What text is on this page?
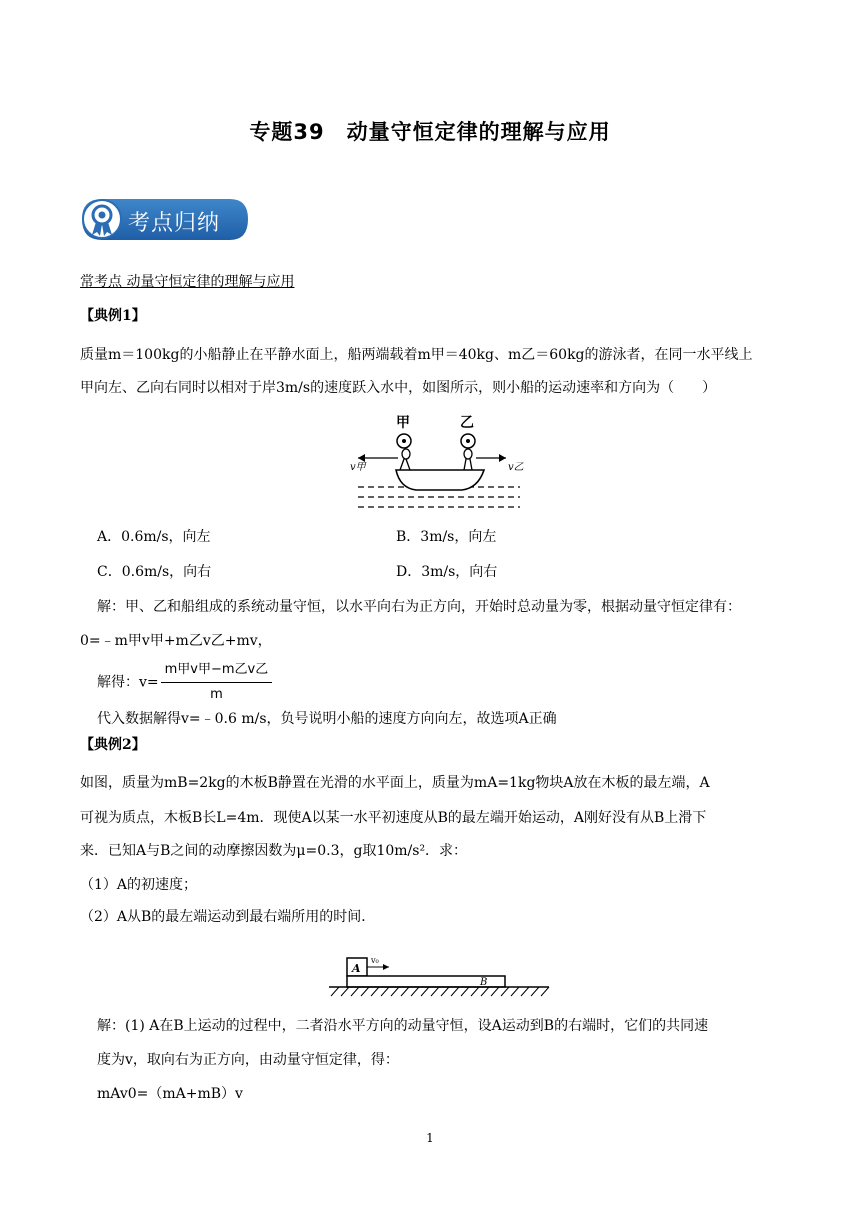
专题39　动量守恒定律的理解与应用
考点归纳
常考点 动量守恒定律的理解与应用
【典例1】
质量m＝100kg的小船静止在平静水面上，船两端载着m甲＝40kg、m乙＝60kg的游泳者，在同一水平线上
甲向左、乙向右同时以相对于岸3m/s的速度跃入水中，如图所示，则小船的运动速率和方向为（　　）
甲	乙
v甲	v乙
A．0.6m/s，向左	B．3m/s，向左
C．0.6m/s，向右	D．3m/s，向右
解：甲、乙和船组成的系统动量守恒，以水平向右为正方向，开始时总动量为零，根据动量守恒定律有：
0=﹣m甲v甲+m乙v乙+mv，
解得：$v= \frac{\text{m甲v甲−m乙v乙}}{m}$
代入数据解得v=﹣0.6 m/s，负号说明小船的速度方向向左，故选项A正确
【典例2】
如图，质量为mB=2kg的木板B静置在光滑的水平面上，质量为mA=1kg物块A放在木板的最左端，A
可视为质点，木板B长L=4m．现使A以某一水平初速度从B的最左端开始运动，A刚好没有从B上滑下
来．已知A与B之间的动摩擦因数为μ=0.3，g取10m/s²．求：
（1）A的初速度；
（2）A从B的最左端运动到最右端所用的时间．
A
B
v₀
解：(1) A在B上运动的过程中，二者沿水平方向的动量守恒，设A运动到B的右端时，它们的共同速
度为v，取向右为正方向，由动量守恒定律，得：
mAv0=（mA+mB）v
1
